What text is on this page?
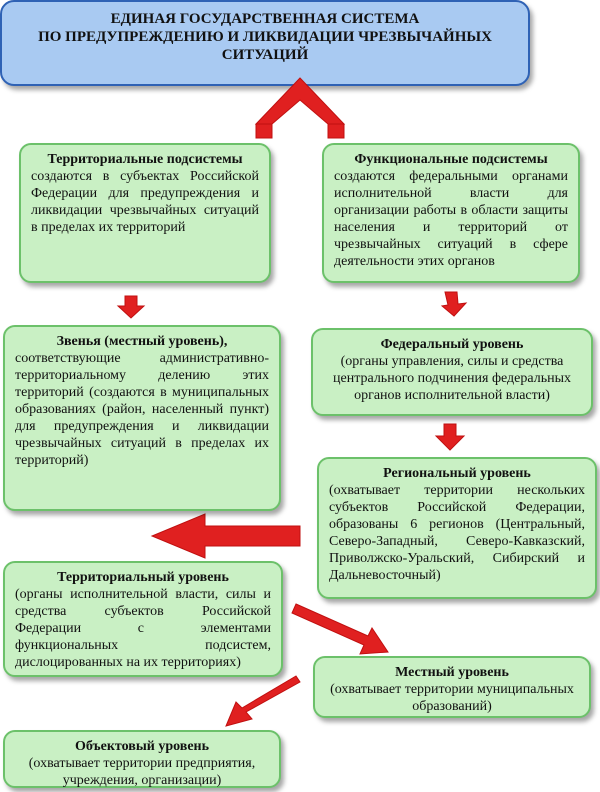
ЕДИНАЯ ГОСУДАРСТВЕННАЯ СИСТЕМА
ПО ПРЕДУПРЕЖДЕНИЮ И ЛИКВИДАЦИИ ЧРЕЗВЫЧАЙНЫХ
СИТУАЦИЙ
Территориальные подсистемы
создаются в субъектах Российской Федерации для предупреждения и ликвидации чрезвычайных ситуаций в пределах их территорий
Функциональные подсистемы
создаются федеральными органами исполнительной власти для организации работы в области защиты населения и территорий от чрезвычайных ситуаций в сфере деятельности этих органов
Звенья (местный уровень),
соответствующие административно-территориальному делению этих территорий (создаются в муниципальных образованиях (район, населенный пункт) для предупреждения и ликвидации чрезвычайных ситуаций в пределах их территорий)
Федеральный уровень
(органы управления, силы и средства центрального подчинения федеральных органов исполнительной власти)
Региональный уровень
(охватывает территории нескольких субъектов Российской Федерации, образованы 6 регионов (Центральный, Северо-Западный, Северо-Кавказский, Приволжско-Уральский, Сибирский и Дальневосточный)
Территориальный уровень
(органы исполнительной власти, силы и средства субъектов Российской Федерации с элементами функциональных подсистем, дислоцированных на их территориях)
Местный уровень
(охватывает территории муниципальных образований)
Объектовый уровень
(охватывает территории предприятия, учреждения, организации)
